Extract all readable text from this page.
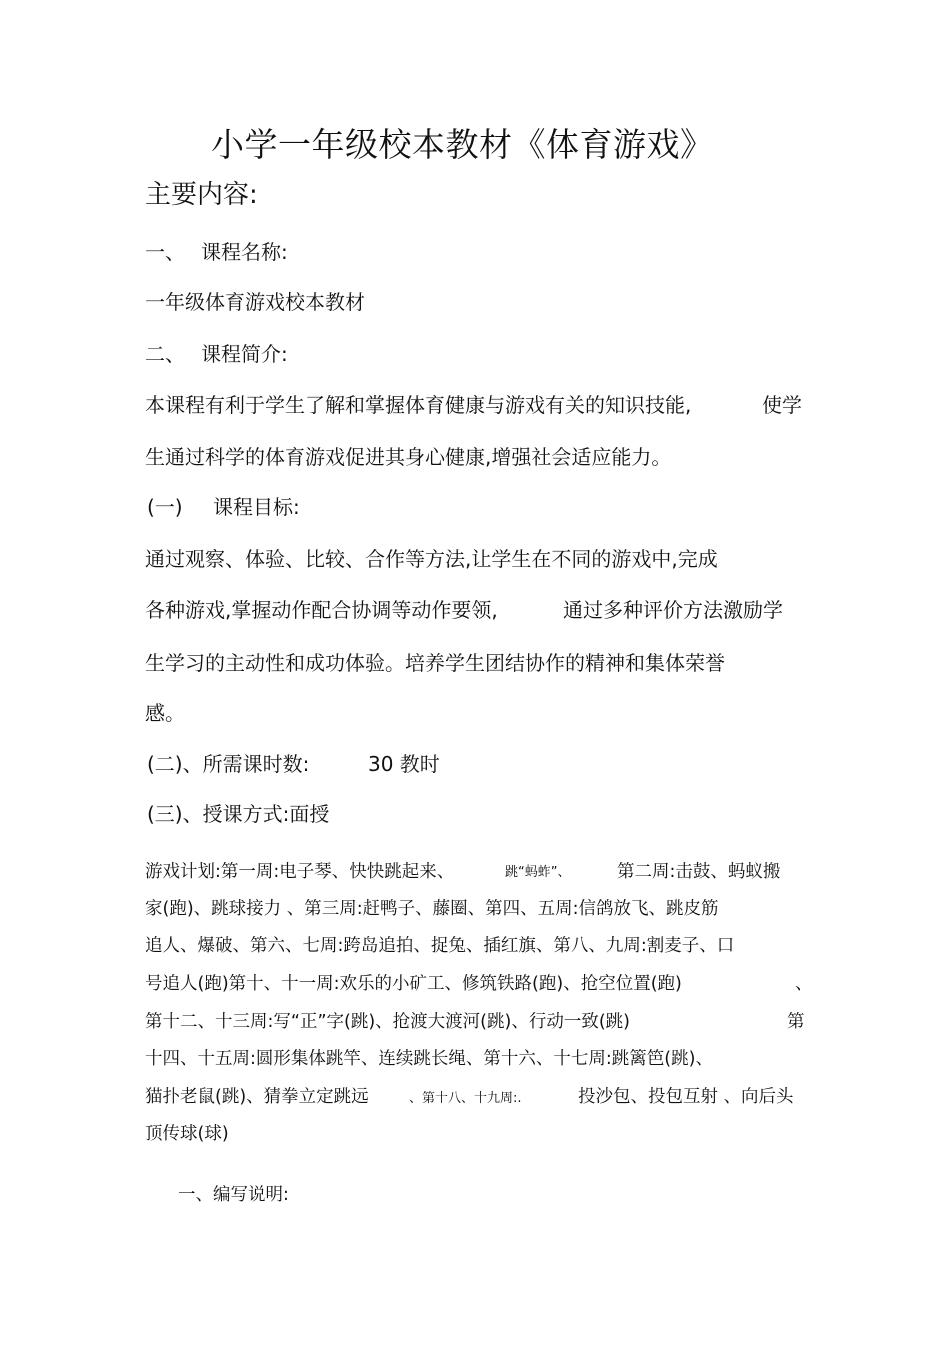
小学一年级校本教材《体育游戏》
主要内容:
一、 课程名称:
一年级体育游戏校本教材
二、 课程简介:
本课程有利于学生了解和掌握体育健康与游戏有关的知识技能,	使学
生通过科学的体育游戏促进其身心健康,增强社会适应能力。
(一) 课程目标:
通过观察、体验、比较、合作等方法,让学生在不同的游戏中,完成
各种游戏,掌握动作配合协调等动作要领,	通过多种评价方法激励学
生学习的主动性和成功体验。培养学生团结协作的精神和集体荣誉
感。
(二)、所需课时数:	30 教时
(三)、授课方式:面授
游戏计划:第一周:电子琴、快快跳起来、	跳“蚂蚱”、	第二周:击鼓、蚂蚁搬
家(跑)、跳球接力 、第三周:赶鸭子、藤圈、第四、五周:信鸽放飞、跳皮筋
追人、爆破、第六、七周:跨岛追拍、捉兔、插红旗、第八、九周:割麦子、口
号追人(跑)第十、十一周:欢乐的小矿工、修筑铁路(跑)、抢空位置(跑)	、
第十二、十三周:写“正”字(跳)、抢渡大渡河(跳)、行动一致(跳)	第
十四、十五周:圆形集体跳竿、连续跳长绳、第十六、十七周:跳篱笆(跳)、
猫扑老鼠(跳)、猜拳立定跳远	、第十八、十九周:.	投沙包、投包互射 、向后头
顶传球(球)
一、编写说明:
